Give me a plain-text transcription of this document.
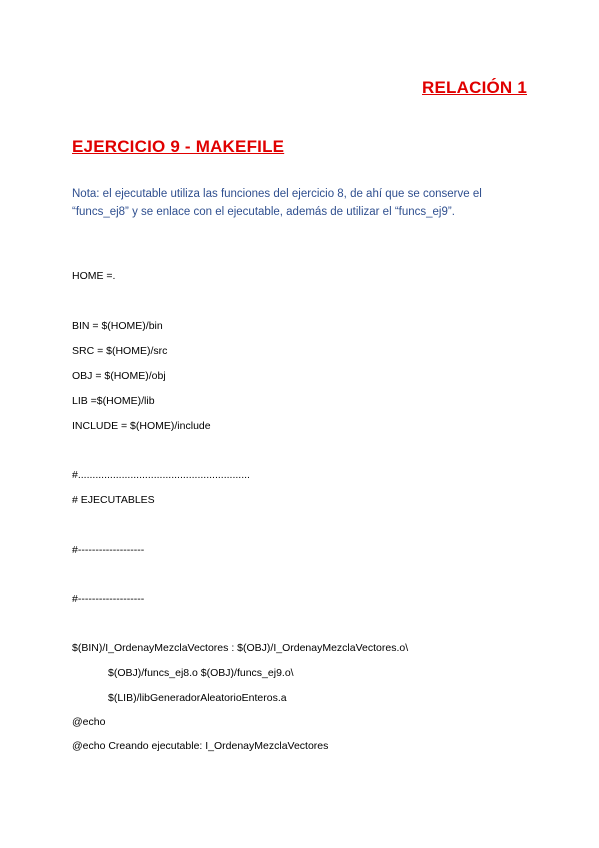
RELACIÓN 1
EJERCICIO 9 - MAKEFILE
Nota: el ejecutable utiliza las funciones del ejercicio 8, de ahí que se conserve el
“funcs_ej8” y se enlace con el ejecutable, además de utilizar el “funcs_ej9”.
HOME =.
BIN = $(HOME)/bin
SRC = $(HOME)/src
OBJ = $(HOME)/obj
LIB =$(HOME)/lib
INCLUDE = $(HOME)/include
#...........................................................
# EJECUTABLES
#-------------------
#-------------------
$(BIN)/I_OrdenayMezclaVectores : $(OBJ)/I_OrdenayMezclaVectores.o\
$(OBJ)/funcs_ej8.o $(OBJ)/funcs_ej9.o\
$(LIB)/libGeneradorAleatorioEnteros.a
@echo
@echo Creando ejecutable: I_OrdenayMezclaVectores
